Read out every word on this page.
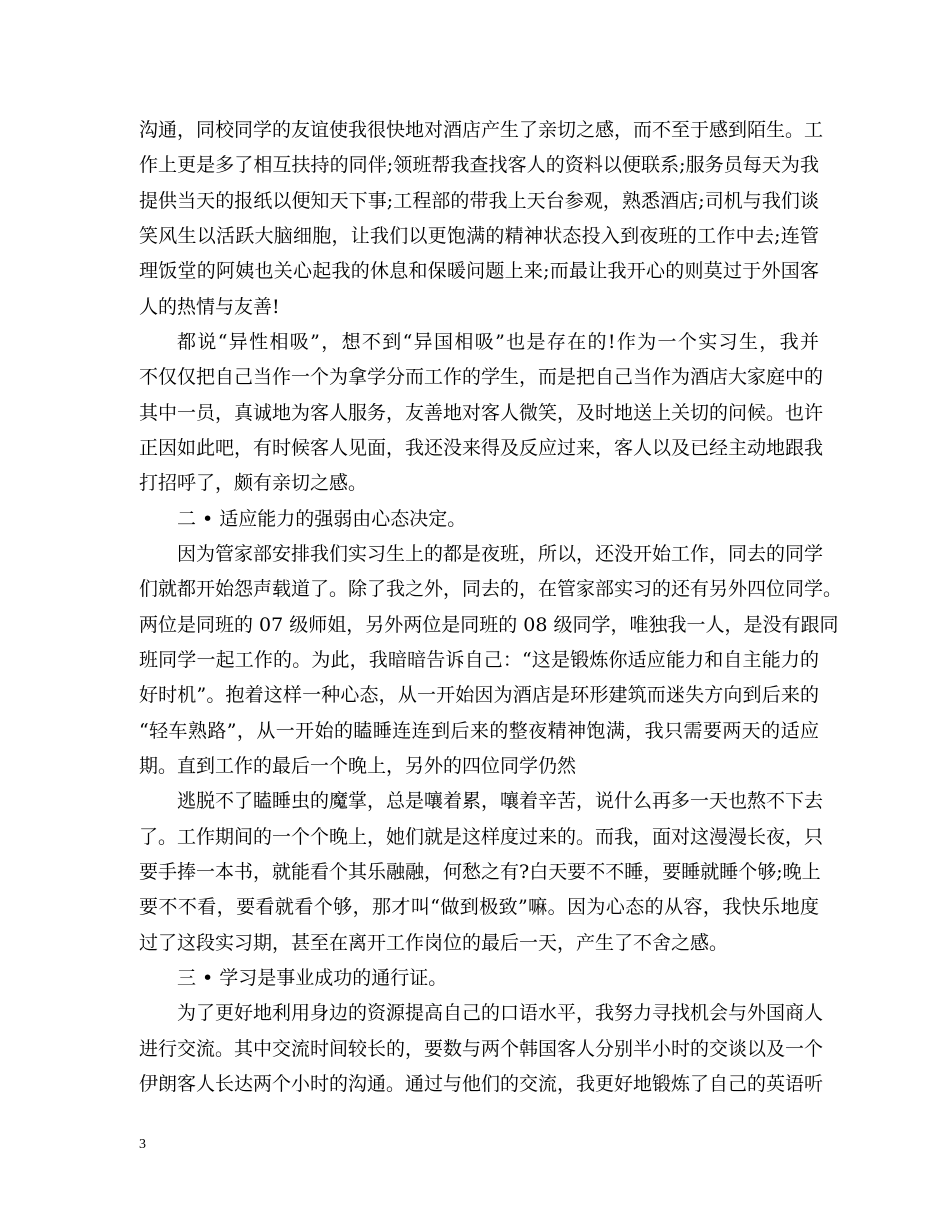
沟通，同校同学的友谊使我很快地对酒店产生了亲切之感，而不至于感到陌生。工
作上更是多了相互扶持的同伴;领班帮我查找客人的资料以便联系;服务员每天为我
提供当天的报纸以便知天下事;工程部的带我上天台参观，熟悉酒店;司机与我们谈
笑风生以活跃大脑细胞，让我们以更饱满的精神状态投入到夜班的工作中去;连管
理饭堂的阿姨也关心起我的休息和保暖问题上来;而最让我开心的则莫过于外国客
人的热情与友善!
都说“异性相吸”，想不到“异国相吸”也是存在的!作为一个实习生，我并
不仅仅把自己当作一个为拿学分而工作的学生，而是把自己当作为酒店大家庭中的
其中一员，真诚地为客人服务，友善地对客人微笑，及时地送上关切的问候。也许
正因如此吧，有时候客人见面，我还没来得及反应过来，客人以及已经主动地跟我
打招呼了，颇有亲切之感。
二 • 适应能力的强弱由心态决定。
因为管家部安排我们实习生上的都是夜班，所以，还没开始工作，同去的同学
们就都开始怨声载道了。除了我之外，同去的，在管家部实习的还有另外四位同学。
两位是同班的 07 级师姐，另外两位是同班的 08 级同学，唯独我一人，是没有跟同
班同学一起工作的。为此，我暗暗告诉自己：“这是锻炼你适应能力和自主能力的
好时机”。抱着这样一种心态，从一开始因为酒店是环形建筑而迷失方向到后来的
“轻车熟路”，从一开始的瞌睡连连到后来的整夜精神饱满，我只需要两天的适应
期。直到工作的最后一个晚上，另外的四位同学仍然
逃脱不了瞌睡虫的魔掌，总是嚷着累，嚷着辛苦，说什么再多一天也熬不下去
了。工作期间的一个个晚上，她们就是这样度过来的。而我，面对这漫漫长夜，只
要手捧一本书，就能看个其乐融融，何愁之有?白天要不不睡，要睡就睡个够;晚上
要不不看，要看就看个够，那才叫“做到极致”嘛。因为心态的从容，我快乐地度
过了这段实习期，甚至在离开工作岗位的最后一天，产生了不舍之感。
三 • 学习是事业成功的通行证。
为了更好地利用身边的资源提高自己的口语水平，我努力寻找机会与外国商人
进行交流。其中交流时间较长的，要数与两个韩国客人分别半小时的交谈以及一个
伊朗客人长达两个小时的沟通。通过与他们的交流，我更好地锻炼了自己的英语听
3
